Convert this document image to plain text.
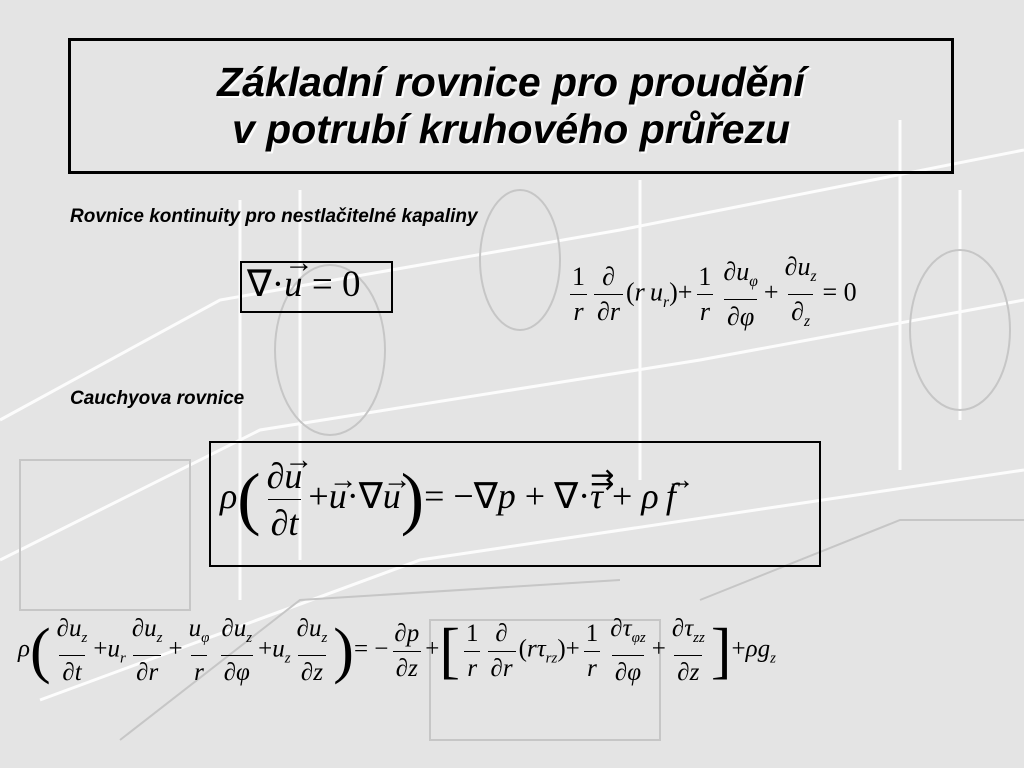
Základní rovnice pro proudění
v potrubí kruhového průřezu
Rovnice kontinuity pro nestlačitelné kapaliny
∇·→ u = 0	$\frac{1}{r} \frac{\partial}{\partial r} (r$  $u_r)+ \frac{1}{r} \frac{\partial u_\varphi}{\partial\varphi} + \frac{\partial u_z}{\partial_z} = 0$
Cauchyova rovnice
$\rho( \frac{\partial\to u}{\partial t} +\to u\cdot\nabla\to u)= -\nabla p$ + ∇·⇉ τ + ρ → f
$\rho( \frac{\partial u_z}{\partial t} +u_r \frac{\partial u_z}{\partial r} + \frac{u_\varphi}{r} \frac{\partial u_z}{\partial\varphi} +u_z \frac{\partial u_z}{\partial z}$ )= − $\frac{\partial p}{\partial z}$ +[ $\frac{1}{r} \frac{\partial}{\partial r} (r\tau_{rz})+ \frac{1}{r} \frac{\partial\tau_{\varphi z}}{\partial\varphi} + \frac{\partial\tau_{zz}}{\partial z} ]+\rho g_z$
